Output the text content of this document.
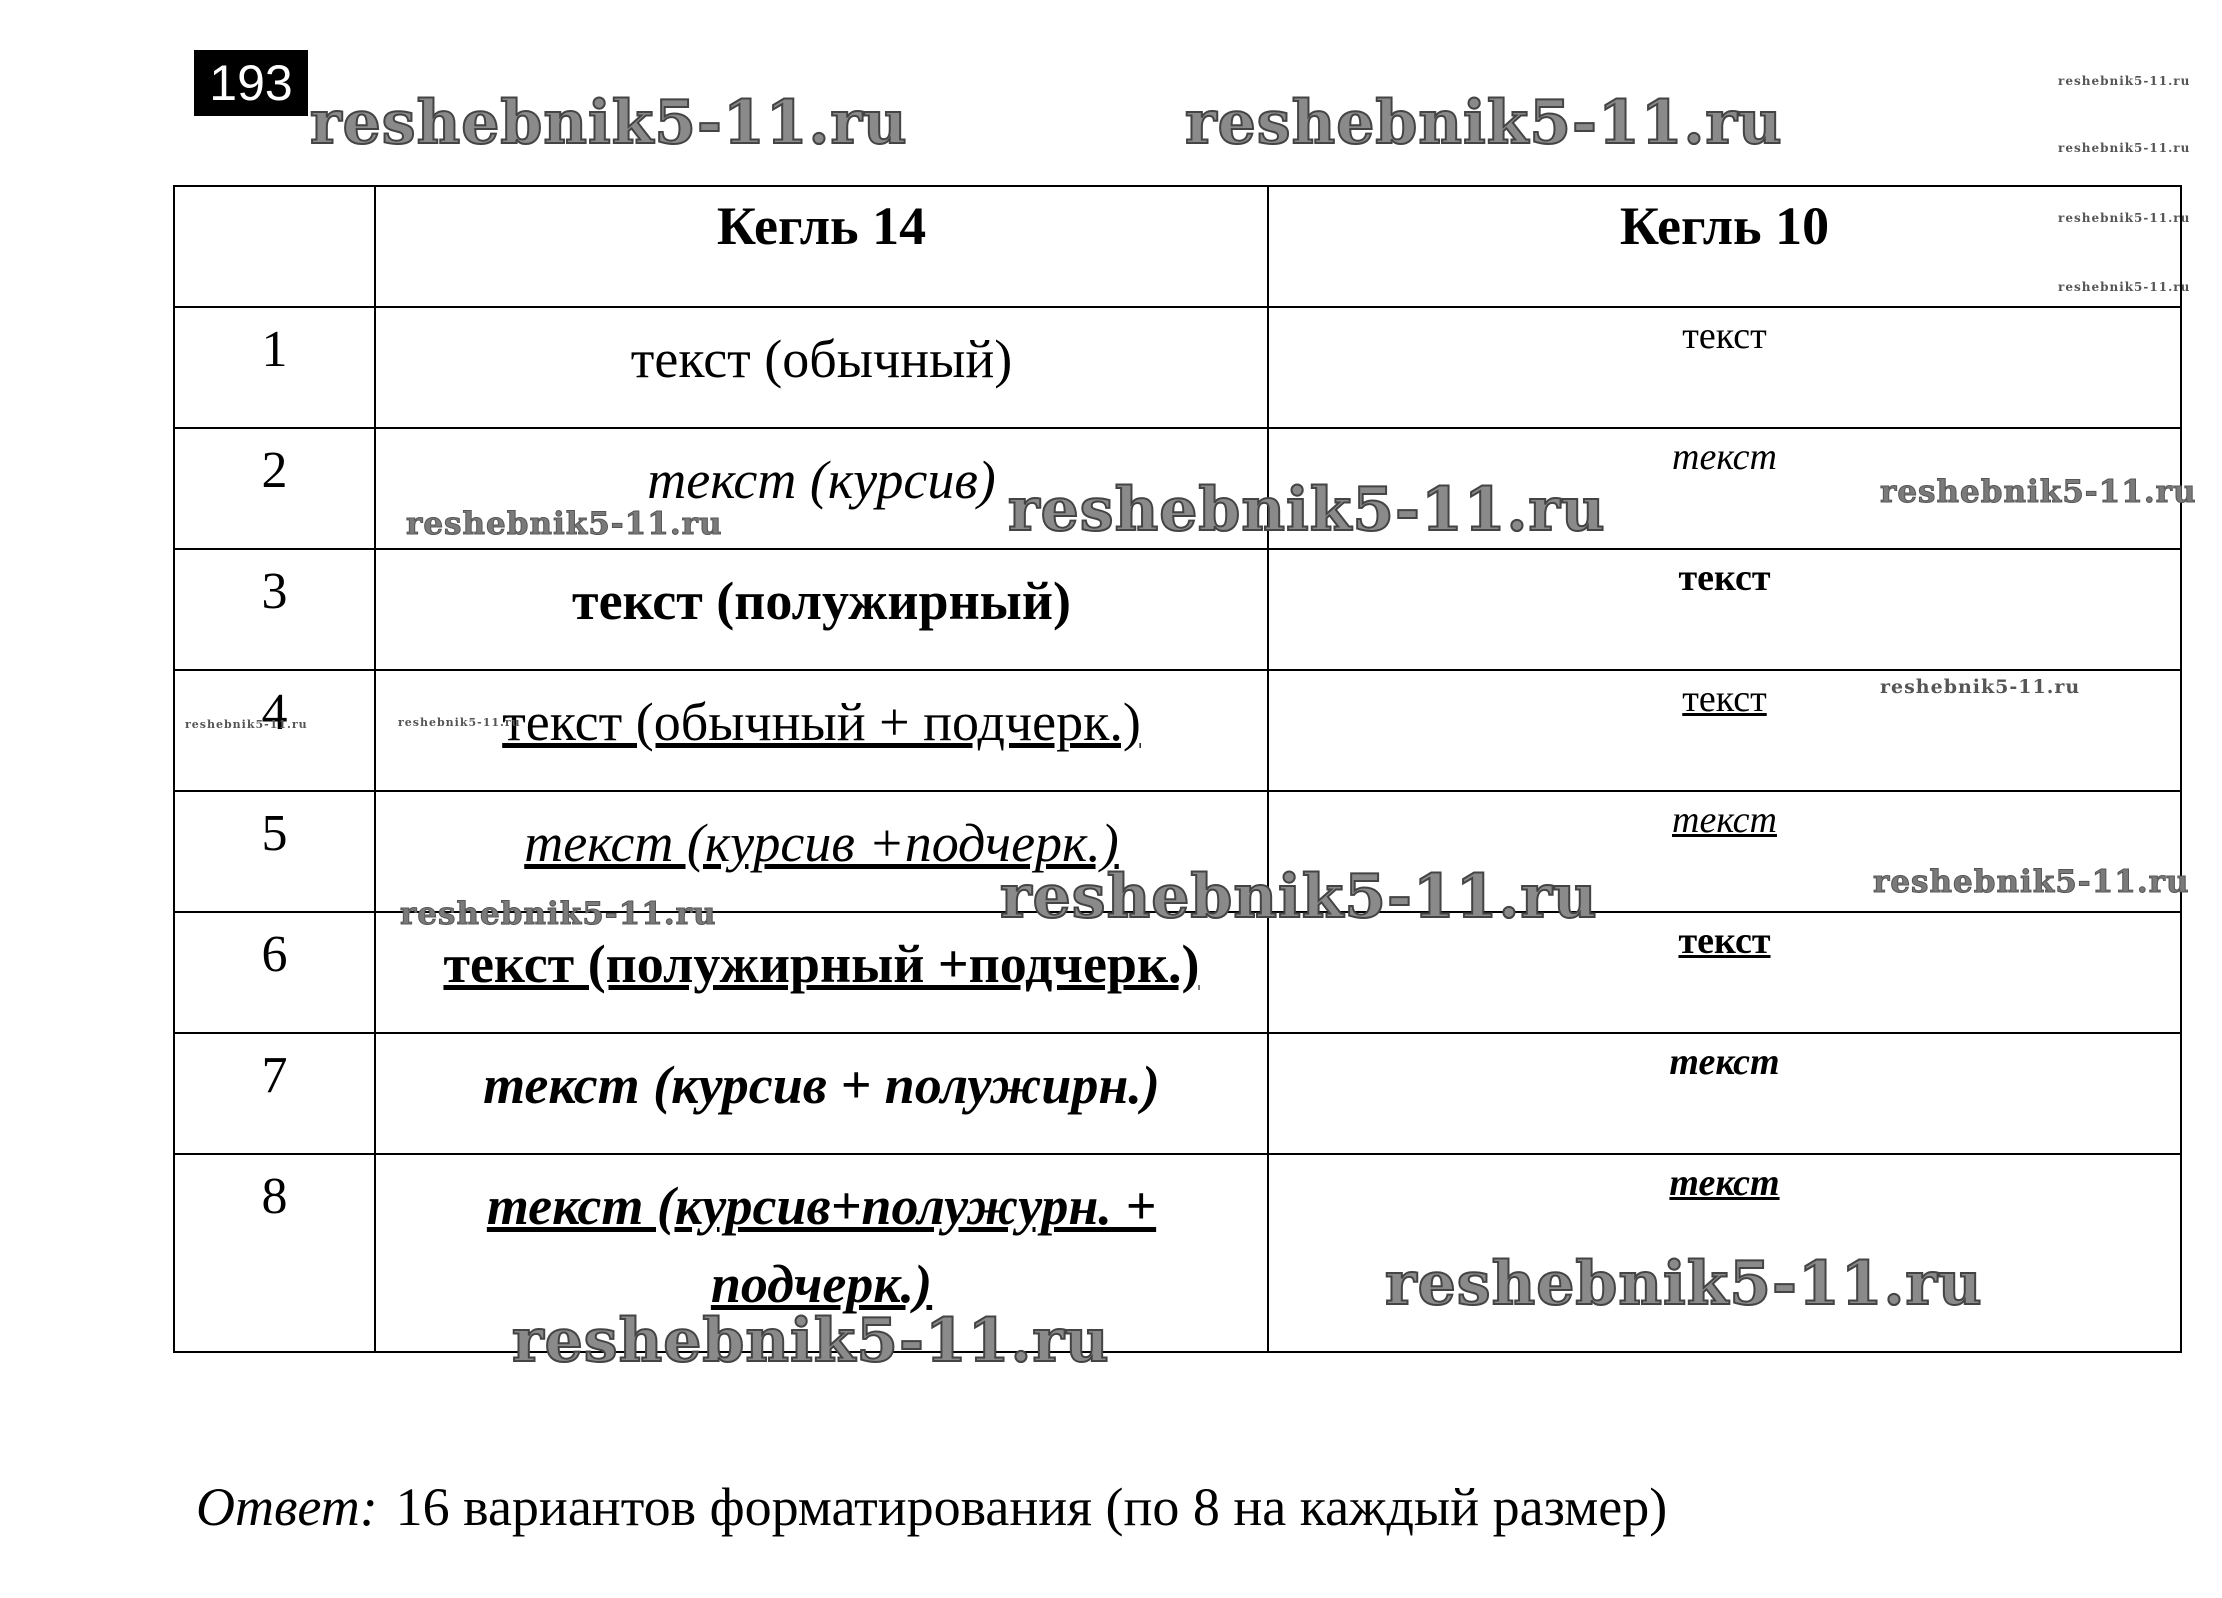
193
reshebnik5-11.ru	reshebnik5-11.ru
reshebnik5-11.ru
reshebnik5-11.ru
reshebnik5-11.ru
reshebnik5-11.ru
	Кегль 14	Кегль 10
1	текст (обычный)	текст
2	текст (курсив)	текст
3	текст (полужирный)	текст
4	текст (обычный + подчерк.)	текст
5	текст (курсив +подчерк.)	текст
6	текст (полужирный +подчерк.)	текст
7	текст (курсив + полужирн.)	текст
8	текст (курсив+полужурн. + подчерк.)	текст
reshebnik5-11.ru
reshebnik5-11.ru
reshebnik5-11.ru
reshebnik5-11.ru
reshebnik5-11.ru	reshebnik5-11.ru
reshebnik5-11.ru
reshebnik5-11.ru
reshebnik5-11.ru
reshebnik5-11.ru
reshebnik5-11.ru
Ответ: 16 вариантов форматирования (по 8 на каждый размер)
